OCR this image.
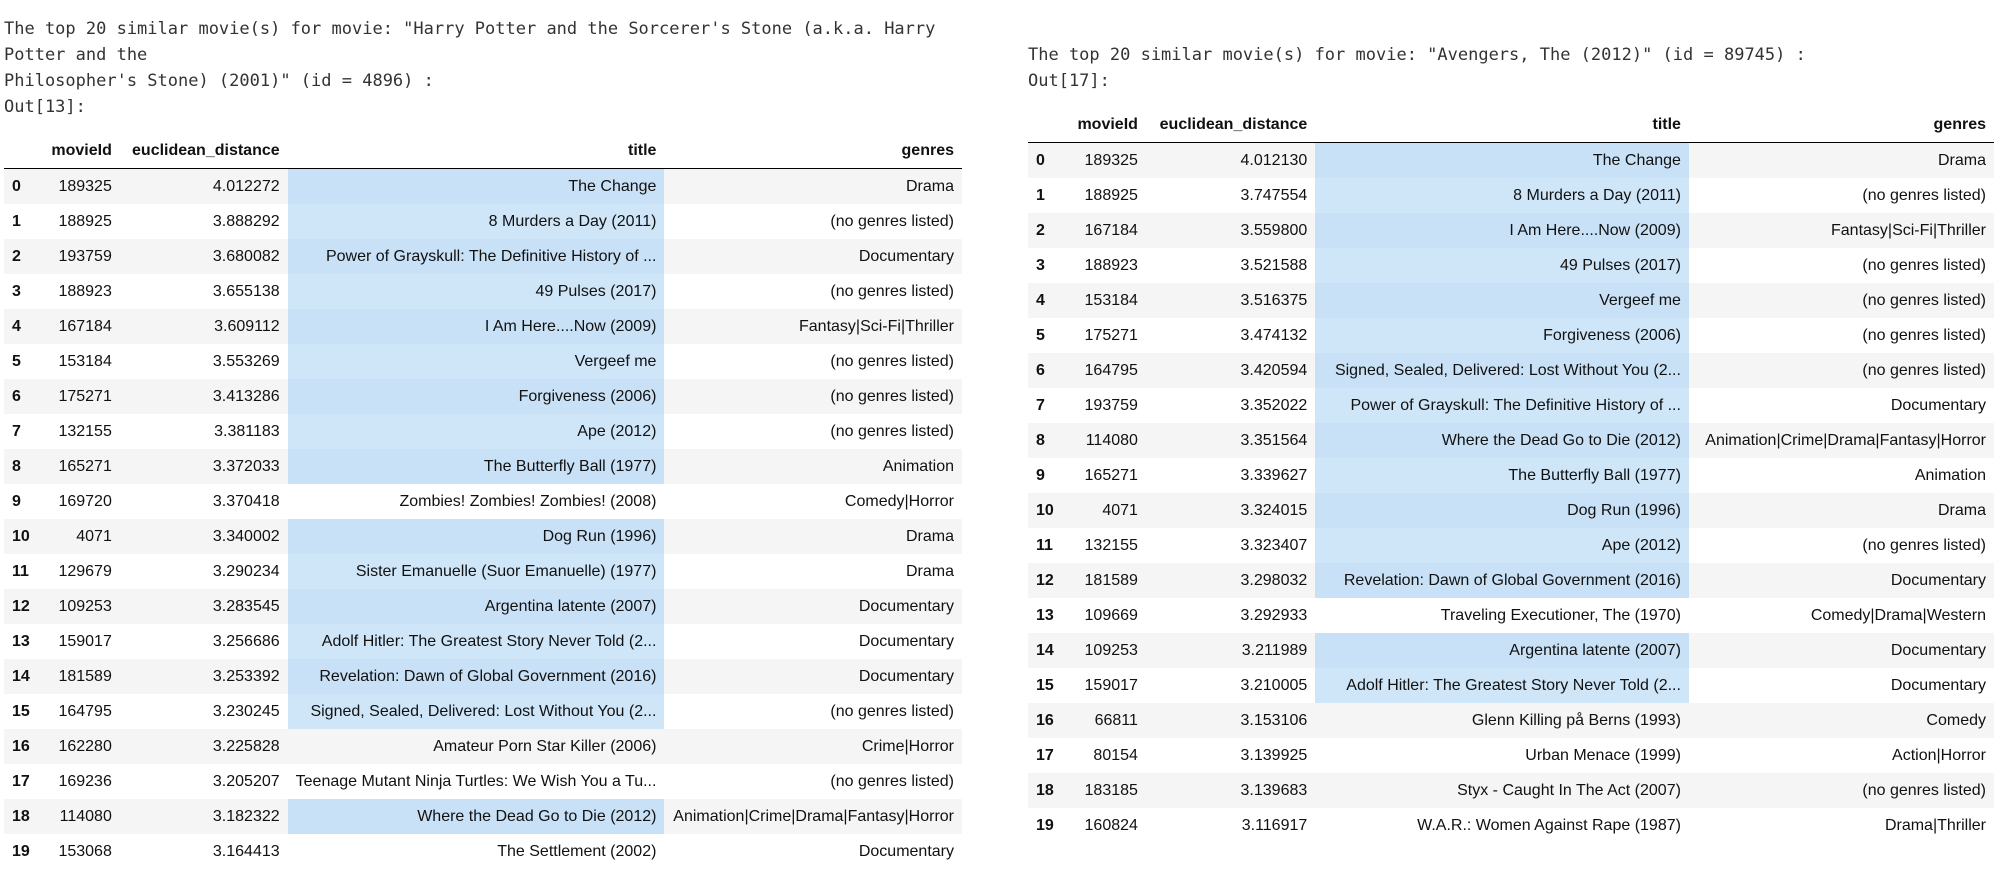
The top 20 similar movie(s) for movie: "Harry Potter and the Sorcerer's Stone (a.k.a. Harry Potter and the
Philosopher's Stone) (2001)" (id = 4896) :
Out[13]:
	movieId	euclidean_distance	title	genres
0	189325	4.012272	The Change	Drama
1	188925	3.888292	8 Murders a Day (2011)	(no genres listed)
2	193759	3.680082	Power of Grayskull: The Definitive History of ...	Documentary
3	188923	3.655138	49 Pulses (2017)	(no genres listed)
4	167184	3.609112	I Am Here....Now (2009)	Fantasy|Sci-Fi|Thriller
5	153184	3.553269	Vergeef me	(no genres listed)
6	175271	3.413286	Forgiveness (2006)	(no genres listed)
7	132155	3.381183	Ape (2012)	(no genres listed)
8	165271	3.372033	The Butterfly Ball (1977)	Animation
9	169720	3.370418	Zombies! Zombies! Zombies! (2008)	Comedy|Horror
10	4071	3.340002	Dog Run (1996)	Drama
11	129679	3.290234	Sister Emanuelle (Suor Emanuelle) (1977)	Drama
12	109253	3.283545	Argentina latente (2007)	Documentary
13	159017	3.256686	Adolf Hitler: The Greatest Story Never Told (2...	Documentary
14	181589	3.253392	Revelation: Dawn of Global Government (2016)	Documentary
15	164795	3.230245	Signed, Sealed, Delivered: Lost Without You (2...	(no genres listed)
16	162280	3.225828	Amateur Porn Star Killer (2006)	Crime|Horror
17	169236	3.205207	Teenage Mutant Ninja Turtles: We Wish You a Tu...	(no genres listed)
18	114080	3.182322	Where the Dead Go to Die (2012)	Animation|Crime|Drama|Fantasy|Horror
19	153068	3.164413	The Settlement (2002)	Documentary
The top 20 similar movie(s) for movie: "Avengers, The (2012)" (id = 89745) :
Out[17]:
	movieId	euclidean_distance	title	genres
0	189325	4.012130	The Change	Drama
1	188925	3.747554	8 Murders a Day (2011)	(no genres listed)
2	167184	3.559800	I Am Here....Now (2009)	Fantasy|Sci-Fi|Thriller
3	188923	3.521588	49 Pulses (2017)	(no genres listed)
4	153184	3.516375	Vergeef me	(no genres listed)
5	175271	3.474132	Forgiveness (2006)	(no genres listed)
6	164795	3.420594	Signed, Sealed, Delivered: Lost Without You (2...	(no genres listed)
7	193759	3.352022	Power of Grayskull: The Definitive History of ...	Documentary
8	114080	3.351564	Where the Dead Go to Die (2012)	Animation|Crime|Drama|Fantasy|Horror
9	165271	3.339627	The Butterfly Ball (1977)	Animation
10	4071	3.324015	Dog Run (1996)	Drama
11	132155	3.323407	Ape (2012)	(no genres listed)
12	181589	3.298032	Revelation: Dawn of Global Government (2016)	Documentary
13	109669	3.292933	Traveling Executioner, The (1970)	Comedy|Drama|Western
14	109253	3.211989	Argentina latente (2007)	Documentary
15	159017	3.210005	Adolf Hitler: The Greatest Story Never Told (2...	Documentary
16	66811	3.153106	Glenn Killing på Berns (1993)	Comedy
17	80154	3.139925	Urban Menace (1999)	Action|Horror
18	183185	3.139683	Styx - Caught In The Act (2007)	(no genres listed)
19	160824	3.116917	W.A.R.: Women Against Rape (1987)	Drama|Thriller
